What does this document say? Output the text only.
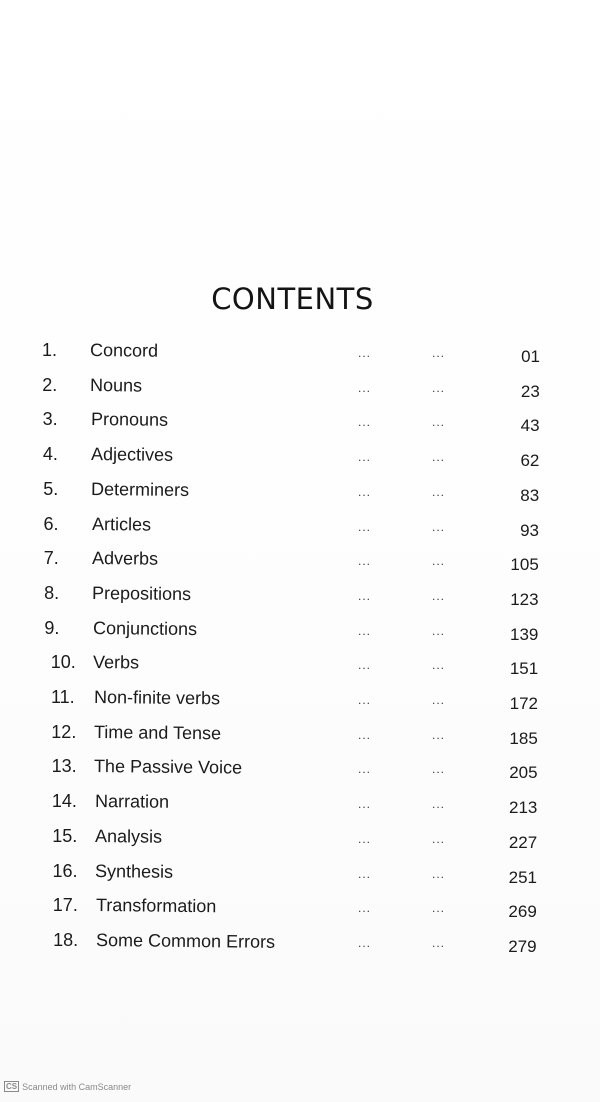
CONTENTS
1.	Concord	...	...	01
2.	Nouns	...	...	23
3.	Pronouns	...	...	43
4.	Adjectives	...	...	62
5.	Determiners	...	...	83
6.	Articles	...	...	93
7.	Adverbs	...	...	105
8.	Prepositions	...	...	123
9.	Conjunctions	...	...	139
10. Verbs	...	...	151
11.	Non-finite verbs	...	...	172
12. Time and Tense	...	...	185
13. The Passive Voice	...	...	205
14. Narration	...	...	213
15. Analysis	...	...	227
16. Synthesis	...	...	251
17. Transformation	...	...	269
18. Some Common Errors	...	...	279
CS Scanned with CamScanner
